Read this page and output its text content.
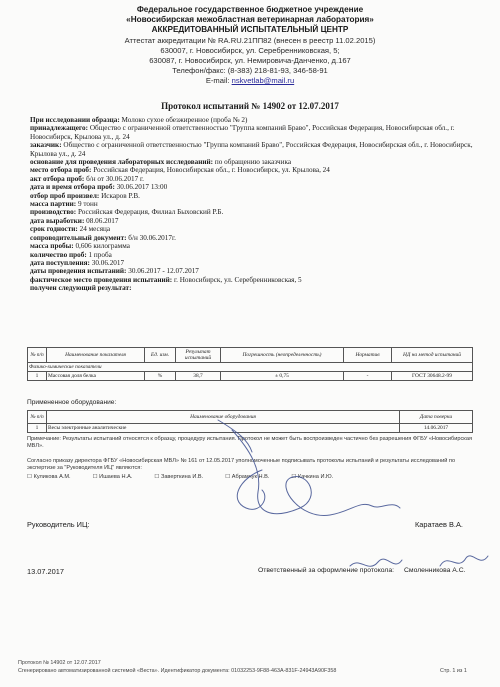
Федеральное государственное бюджетное учреждение
«Новосибирская межобластная ветеринарная лаборатория»
АККРЕДИТОВАННЫЙ ИСПЫТАТЕЛЬНЫЙ ЦЕНТР
Аттестат аккредитации № RA.RU.21ПП82 (внесен в реестр 11.02.2015)
630007, г. Новосибирск, ул. Серебренниковская, 5;
630087, г. Новосибирск, ул. Немировича-Данченко, д.167
Телефон/факс: (8-383) 218-81-93, 346-58-91
E-mail: nskvetlab@mail.ru
Протокол испытаний № 14902 от 12.07.2017
При исследовании образца: Молоко сухое обезжиренное (проба № 2)
принадлежащего: Общество с ограниченной ответственностью "Группа компаний Браво", Российская Федерация, Новосибирская обл., г. Новосибирск, Крылова ул., д. 24
заказчик: Общество с ограниченной ответственностью "Группа компаний Браво", Российская Федерация, Новосибирская обл., г. Новосибирск, Крылова ул., д. 24
основание для проведения лабораторных исследований: по обращению заказчика
место отбора проб: Российская Федерация, Новосибирская обл., г. Новосибирск, ул. Крылова, 24
акт отбора проб: б/н от 30.06.2017 г.
дата и время отбора проб: 30.06.2017 13:00
отбор проб произвел: Искаров Р.В.
масса партии: 9 тонн
производство: Российская Федерация, Филиал Быховский Р.Б.
дата выработки: 08.06.2017
срок годности: 24 месяца
сопроводительный документ: б/н 30.06.2017г.
масса пробы: 0,606 килограмма
количество проб: 1 проба
дата поступления: 30.06.2017
даты проведения испытаний: 30.06.2017 - 12.07.2017
фактическое место проведения испытаний: г. Новосибирск, ул. Серебренниковская, 5
получен следующий результат:
№ п/п	Наименование показателя	Ед. изм.	Результат испытаний	Погрешность (неопределенность)	Норматив	НД на метод испытаний
Физико-химические показатели						
1	Массовая доля белка	%	38,7	± 0,75	-	ГОСТ 30648.2-99
Примененное оборудование:
№ п/п	Наименование оборудования	Дата поверки
1	Весы электронные аналитические	14.06.2017
Примечание: Результаты испытаний относятся к образцу, процедуру испытания. Протокол не может быть воспроизведен частично без разрешения ФГБУ «Новосибирская МВЛ».
Согласно приказу директора ФГБУ «Новосибирская МВЛ» № 161 от 12.05.2017 уполномоченные подписывать протоколы испытаний и результаты исследований по экспертизе за "Руководителя ИЦ" являются:
☐ Куликова А.М.	☐ Ишаева Н.А.	☐ Заверткина И.В.	☐ Абрамчук Н.В.	☐ Качкина И.Ю.
Руководитель ИЦ:	Каратаев В.А.
13.07.2017	Ответственный за оформление протокола: Смоленникова А.С.
Протокол № 14902 от 12.07.2017
Сгенерировано автоматизированной системой «Веста». Идентификатор документа: 01032253-9F88-463A-831F-24943A90F358	Стр. 1 из 1
